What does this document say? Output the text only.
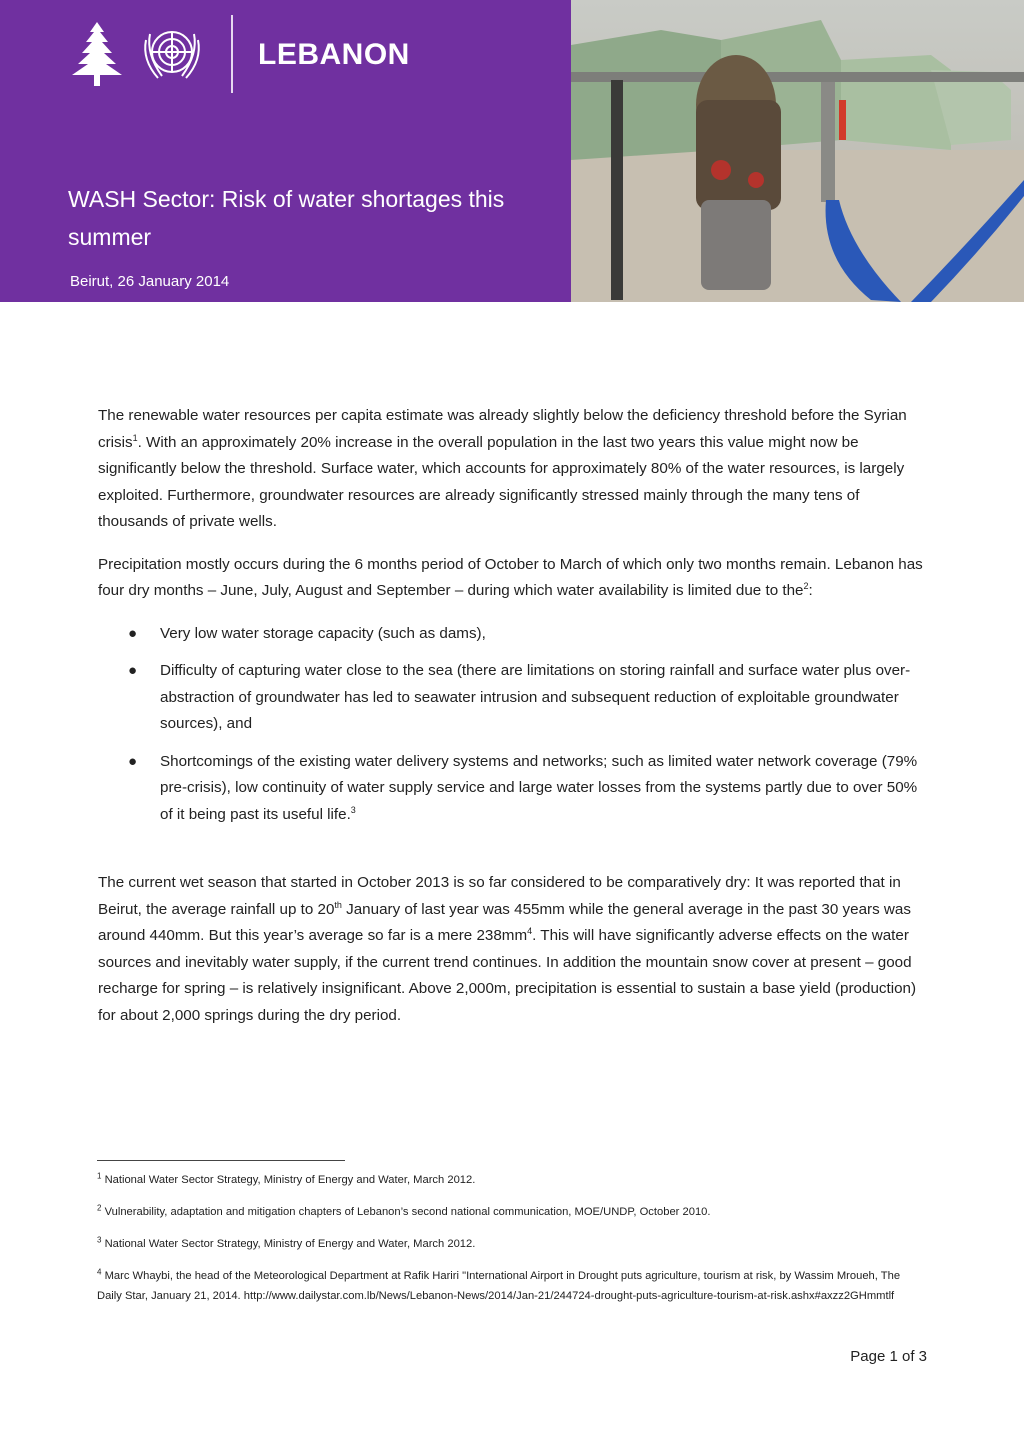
LEBANON
WASH Sector: Risk of water shortages this summer
Beirut, 26 January 2014

The renewable water resources per capita estimate was already slightly below the deficiency threshold before the Syrian crisis$^1$. With an approximately 20% increase in the overall population in the last two years this value might now be significantly below the threshold. Surface water, which accounts for approximately 80% of the water resources, is largely exploited. Furthermore, groundwater resources are already significantly stressed mainly through the many tens of thousands of private wells.

Precipitation mostly occurs during the 6 months period of October to March of which only two months remain. Lebanon has four dry months – June, July, August and September – during which water availability is limited due to the$^2$:

● Very low water storage capacity (such as dams),
● Difficulty of capturing water close to the sea (there are limitations on storing rainfall and surface water plus over-abstraction of groundwater has led to seawater intrusion and subsequent reduction of exploitable groundwater sources), and
● Shortcomings of the existing water delivery systems and networks; such as limited water network coverage (79% pre-crisis), low continuity of water supply service and large water losses from the systems partly due to over 50% of it being past its useful life.$^3$

The current wet season that started in October 2013 is so far considered to be comparatively dry: It was reported that in Beirut, the average rainfall up to 20th January of last year was 455mm while the general average in the past 30 years was around 440mm. But this year’s average so far is a mere $238mm^4$. This will have significantly adverse effects on the water sources and inevitably water supply, if the current trend continues. In addition the mountain snow cover at present – good recharge for spring – is relatively insignificant. Above 2,000m, precipitation is essential to sustain a base yield (production) for about 2,000 springs during the dry period.

$^1$ National Water Sector Strategy, Ministry of Energy and Water, March 2012.
$^2$ Vulnerability, adaptation and mitigation chapters of Lebanon’s second national communication, MOE/UNDP, October 2010.
$^3$ National Water Sector Strategy, Ministry of Energy and Water, March 2012.
$^4$ Marc Whaybi, the head of the Meteorological Department at Rafik Hariri "International Airport in Drought puts agriculture, tourism at risk, by Wassim Mroueh, The Daily Star, January 21, 2014. http://www.dailystar.com.lb/News/Lebanon-News/2014/Jan-21/244724-drought-puts-agriculture-tourism-at-risk.ashx#axzz2GHmmtlf
Page 1 of 3
